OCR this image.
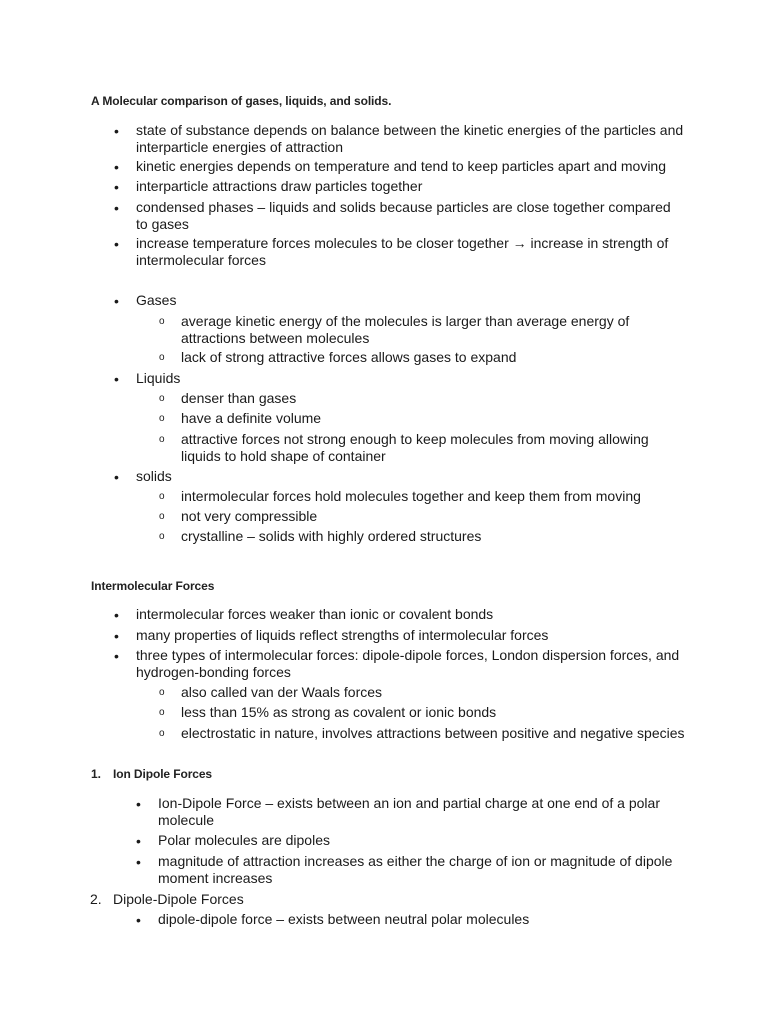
A Molecular comparison of gases, liquids, and solids.
• state of substance depends on balance between the kinetic energies of the particles and interparticle energies of attraction
• kinetic energies depends on temperature and tend to keep particles apart and moving
• interparticle attractions draw particles together
• condensed phases – liquids and solids because particles are close together compared to gases
• increase temperature forces molecules to be closer together → increase in strength of intermolecular forces
• Gases
o average kinetic energy of the molecules is larger than average energy of attractions between molecules
o lack of strong attractive forces allows gases to expand
• Liquids
o denser than gases
o have a definite volume
o attractive forces not strong enough to keep molecules from moving allowing liquids to hold shape of container
• solids
o intermolecular forces hold molecules together and keep them from moving
o not very compressible
o crystalline – solids with highly ordered structures
Intermolecular Forces
• intermolecular forces weaker than ionic or covalent bonds
• many properties of liquids reflect strengths of intermolecular forces
• three types of intermolecular forces: dipole-dipole forces, London dispersion forces, and hydrogen-bonding forces
o also called van der Waals forces
o less than 15% as strong as covalent or ionic bonds
o electrostatic in nature, involves attractions between positive and negative species
1. Ion Dipole Forces
• Ion-Dipole Force – exists between an ion and partial charge at one end of a polar molecule
• Polar molecules are dipoles
• magnitude of attraction increases as either the charge of ion or magnitude of dipole moment increases
2. Dipole-Dipole Forces
• dipole-dipole force – exists between neutral polar molecules
